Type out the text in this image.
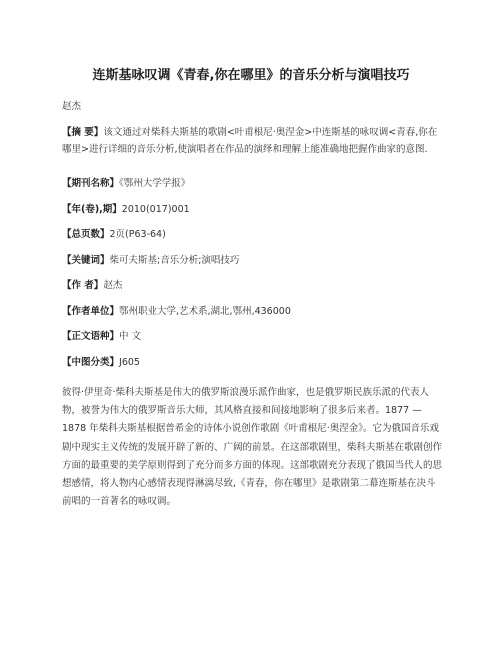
连斯基咏叹调《青春,你在哪里》的音乐分析与演唱技巧
赵杰
【摘 要】该文通过对柴科夫斯基的歌剧<叶甫根尼·奥涅金>中连斯基的咏叹调<青春,你在哪里>进行详细的音乐分析,使演唱者在作品的演绎和理解上能准确地把握作曲家的意图.
【期刊名称】《鄂州大学学报》
【年(卷),期】2010(017)001
【总页数】2页(P63-64)
【关键词】柴可夫斯基;音乐分析;演唱技巧
【作 者】赵杰
【作者单位】鄂州职业大学,艺术系,湖北,鄂州,436000
【正文语种】中 文
【中图分类】J605
彼得·伊里奇·柴科夫斯基是伟大的俄罗斯浪漫乐派作曲家，也是俄罗斯民族乐派的代表人物，被誉为伟大的俄罗斯音乐大师，其风格直接和间接地影响了很多后来者。1877 — 1878 年柴科夫斯基根据普希金的诗体小说创作歌剧《叶甫根尼·奥涅金》。它为俄国音乐戏剧中现实主义传统的发展开辟了新的、广阔的前景。在这部歌剧里，柴科夫斯基在歌剧创作方面的最重要的美学原则得到了充分而多方面的体现。这部歌剧充分表现了俄国当代人的思想感情，将人物内心感情表现得淋漓尽致,《青春，你在哪里》是歌剧第二幕连斯基在决斗前唱的一首著名的咏叹调。
